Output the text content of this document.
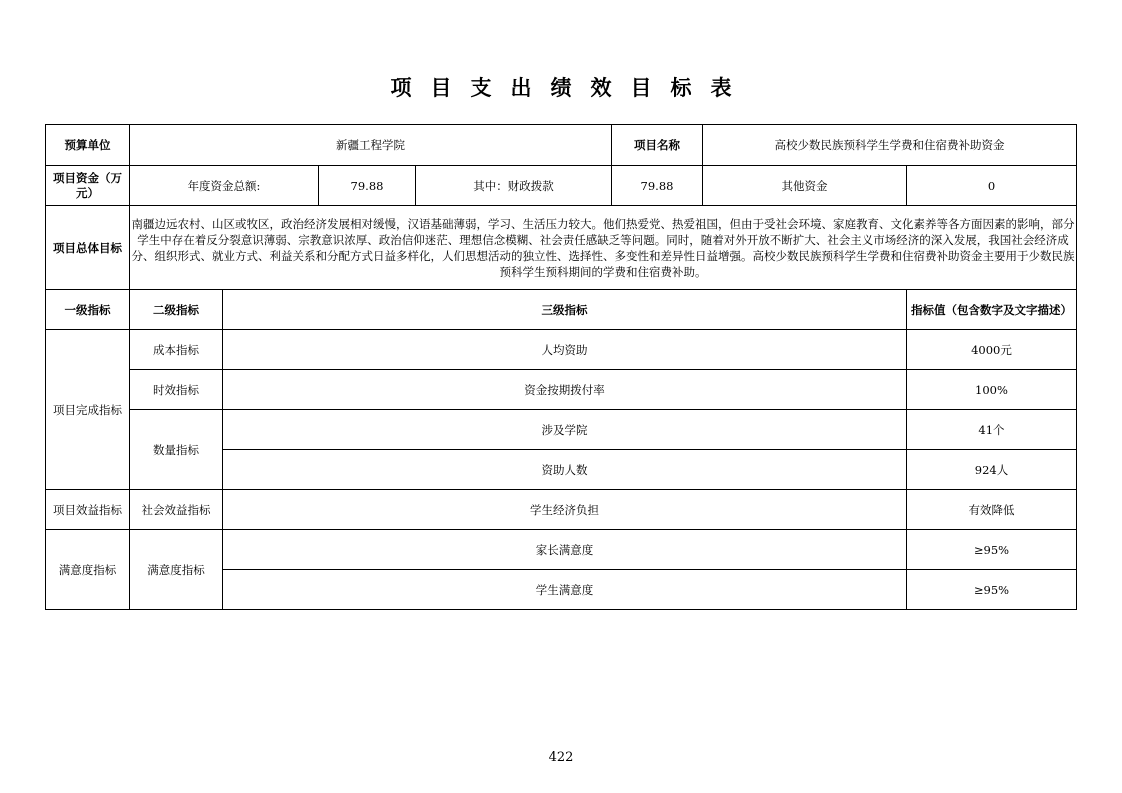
项目支出绩效目标表
预算单位	新疆工程学院				项目名称	高校少数民族预科学生学费和住宿费补助资金	
项目资金（万元）	年度资金总额:		79.88	其中：财政拨款	79.88	其他资金	0
项目总体目标	南疆边远农村、山区或牧区，政治经济发展相对缓慢，汉语基础薄弱，学习、生活压力较大。他们热爱党、热爱祖国，但由于受社会环境、家庭教育、文化素养等各方面因素的影响，部分学生中存在着反分裂意识薄弱、宗教意识浓厚、政治信仰迷茫、理想信念模糊、社会责任感缺乏等问题。同时，随着对外开放不断扩大、社会主义市场经济的深入发展，我国社会经济成分、组织形式、就业方式、利益关系和分配方式日益多样化，人们思想活动的独立性、选择性、多变性和差异性日益增强。高校少数民族预科学生学费和住宿费补助资金主要用于少数民族预科学生预科期间的学费和住宿费补助。						
一级指标	二级指标	三级指标					指标值（包含数字及文字描述）
项目完成指标	成本指标	人均资助					4000元
	时效指标	资金按期拨付率					100%
	数量指标	涉及学院					41个
		资助人数					924人
项目效益指标	社会效益指标	学生经济负担					有效降低
满意度指标	满意度指标	家长满意度					≥95%
		学生满意度					≥95%
422
